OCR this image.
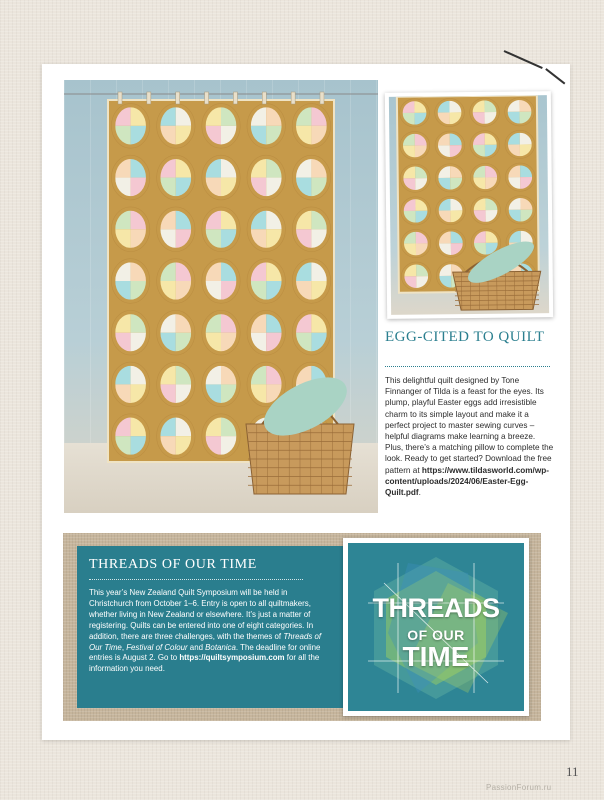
EGG-CITED TO QUILT
This delightful quilt designed by Tone Finnanger of Tilda is a feast for the eyes. Its plump, playful Easter eggs add irresistible charm to its simple layout and make it a perfect project to master sewing curves – helpful diagrams make learning a breeze. Plus, there’s a matching pillow to complete the look. Ready to get started? Download the free pattern at https://www.tildasworld.com/wp-content/uploads/2024/06/Easter-Egg-Quilt.pdf.
THREADS OF OUR TIME
This year’s New Zealand Quilt Symposium will be held in Christchurch from October 1–6. Entry is open to all quiltmakers, whether living in New Zealand or elsewhere. It’s just a matter of registering. Quilts can be entered into one of eight categories. In addition, there are three challenges, with the themes of Threads of Our Time, Festival of Colour and Botanica. The deadline for online entries is August 2. Go to https://quiltsymposium.com for all the information you need.
THREADS
OF OUR
TIME
11
PassionForum.ru
